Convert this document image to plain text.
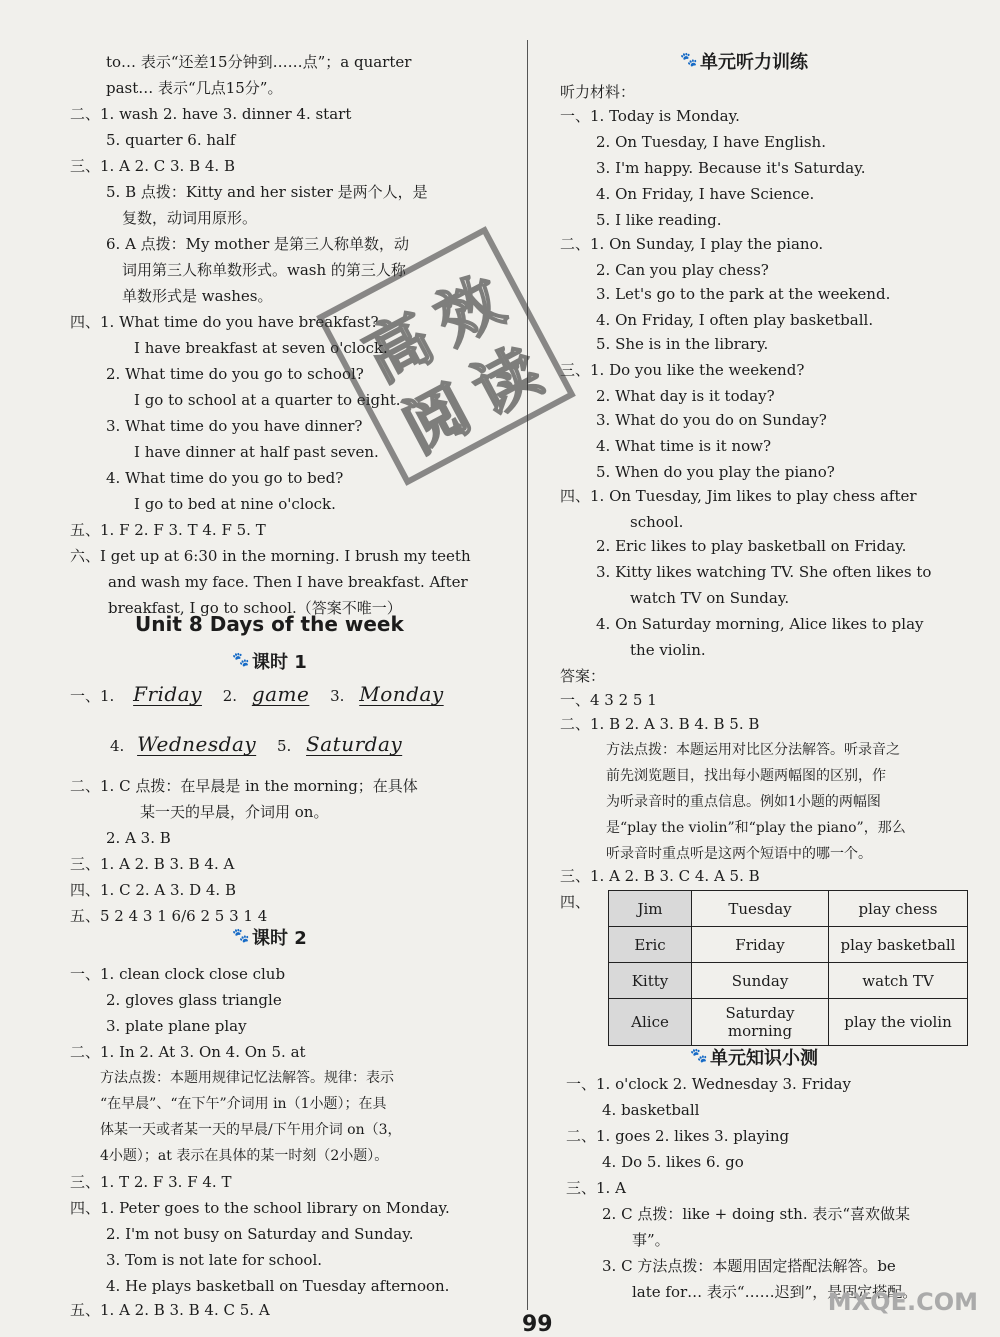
to… 表示“还差15分钟到……点”；a quarter
past… 表示“几点15分”。
二、1. wash 2. have 3. dinner 4. start
5. quarter 6. half
三、1. A 2. C 3. B 4. B
5. B 点拨：Kitty and her sister 是两个人，是
复数，动词用原形。
6. A 点拨：My mother 是第三人称单数，动
词用第三人称单数形式。wash 的第三人称
单数形式是 washes。
四、1. What time do you have breakfast?
I have breakfast at seven o'clock.
2. What time do you go to school?
I go to school at a quarter to eight.
3. What time do you have dinner?
I have dinner at half past seven.
4. What time do you go to bed?
I go to bed at nine o'clock.
五、1. F 2. F 3. T 4. F 5. T
六、I get up at 6:30 in the morning. I brush my teeth
and wash my face. Then I have breakfast. After
breakfast, I go to school.（答案不唯一）
二、1. C 点拨：在早晨是 in the morning；在具体
某一天的早晨，介词用 on。
2. A 3. B
三、1. A 2. B 3. B 4. A
四、1. C 2. A 3. D 4. B
五、5 2 4 3 1 6/6 2 5 3 1 4
一、1. clean clock close club
2. gloves glass triangle
3. plate plane play
二、1. In 2. At 3. On 4. On 5. at
方法点拨：本题用规律记忆法解答。规律：表示
“在早晨”、“在下午”介词用 in（1小题）；在具
体某一天或者某一天的早晨/下午用介词 on（3，
4小题）；at 表示在具体的某一时刻（2小题）。
三、1. T 2. F 3. F 4. T
四、1. Peter goes to the school library on Monday.
2. I'm not busy on Saturday and Sunday.
3. Tom is not late for school.
4. He plays basketball on Tuesday afternoon.
五、1. A 2. B 3. B 4. C 5. A
听力材料：
一、1. Today is Monday.
2. On Tuesday, I have English.
3. I'm happy. Because it's Saturday.
4. On Friday, I have Science.
5. I like reading.
二、1. On Sunday, I play the piano.
2. Can you play chess?
3. Let's go to the park at the weekend.
4. On Friday, I often play basketball.
5. She is in the library.
三、1. Do you like the weekend?
2. What day is it today?
3. What do you do on Sunday?
4. What time is it now?
5. When do you play the piano?
四、1. On Tuesday, Jim likes to play chess after
school.
2. Eric likes to play basketball on Friday.
3. Kitty likes watching TV. She often likes to
watch TV on Sunday.
4. On Saturday morning, Alice likes to play
the violin.
答案：
一、4 3 2 5 1
二、1. B 2. A 3. B 4. B 5. B
方法点拨：本题运用对比区分法解答。听录音之
前先浏览题目，找出每小题两幅图的区别，作
为听录音时的重点信息。例如1小题的两幅图
是“play the violin”和“play the piano”，那么
听录音时重点听是这两个短语中的哪一个。
三、1. A 2. B 3. C 4. A 5. B
四、
一、1. o'clock 2. Wednesday 3. Friday
4. basketball
二、1. goes 2. likes 3. playing
4. Do 5. likes 6. go
三、1. A
2. C 点拨：like + doing sth. 表示“喜欢做某
事”。
3. C 方法点拨：本题用固定搭配法解答。be
late for… 表示“……迟到”，是固定搭配。
Unit 8 Days of the week
🐾课时 1
一、1. Friday 2. game 3. Monday
4. Wednesday 5. Saturday
🐾课时 2
🐾单元听力训练
🐾单元知识小测
Jim	Tuesday	play chess
Eric	Friday	play basketball
Kitty	Sunday	watch TV
Alice	Saturday morning	play the violin
高
效
阅
读
99
MXQE.COM
